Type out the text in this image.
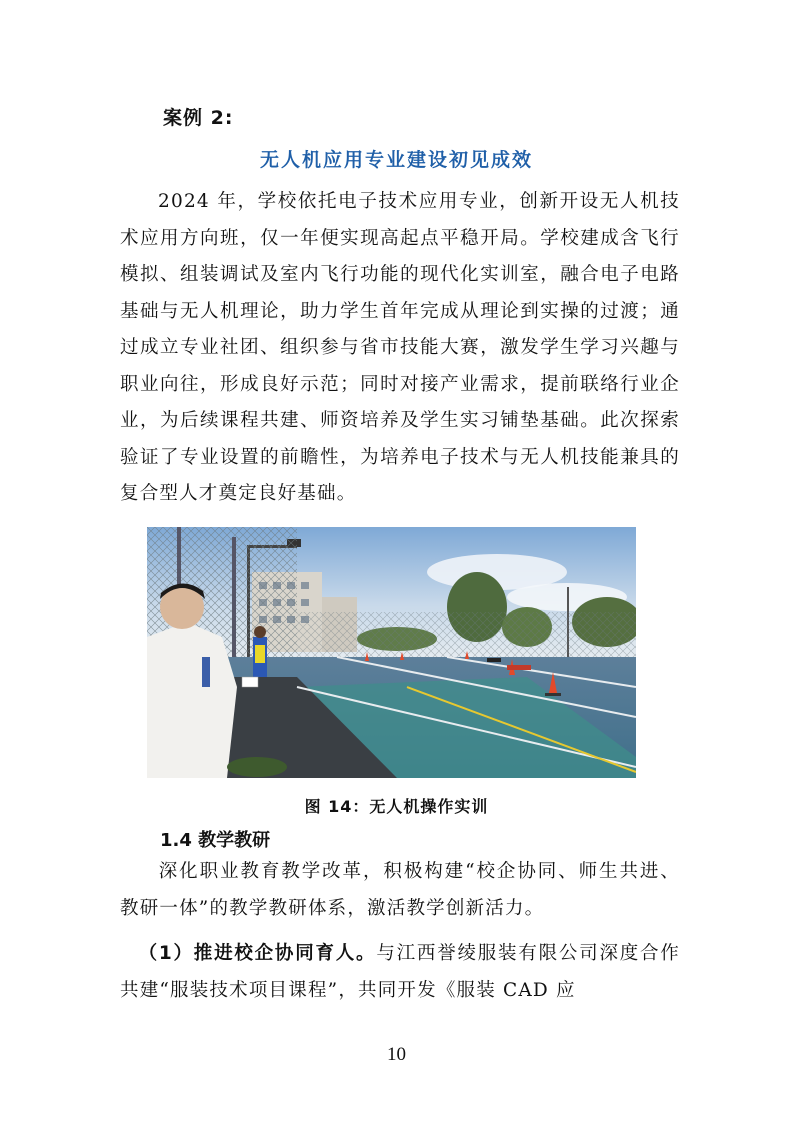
案例 2:
无人机应用专业建设初见成效
2024 年，学校依托电子技术应用专业，创新开设无人机技术应用方向班，仅一年便实现高起点平稳开局。学校建成含飞行模拟、组装调试及室内飞行功能的现代化实训室，融合电子电路基础与无人机理论，助力学生首年完成从理论到实操的过渡；通过成立专业社团、组织参与省市技能大赛，激发学生学习兴趣与职业向往，形成良好示范；同时对接产业需求，提前联络行业企业，为后续课程共建、师资培养及学生实习铺垫基础。此次探索验证了专业设置的前瞻性，为培养电子技术与无人机技能兼具的复合型人才奠定良好基础。
图 14：无人机操作实训
1.4 教学教研
深化职业教育教学改革，积极构建“校企协同、师生共进、教研一体”的教学教研体系，激活教学创新活力。
（1）推进校企协同育人。与江西誉绫服装有限公司深度合作共建“服装技术项目课程”，共同开发《服装 CAD 应
10
